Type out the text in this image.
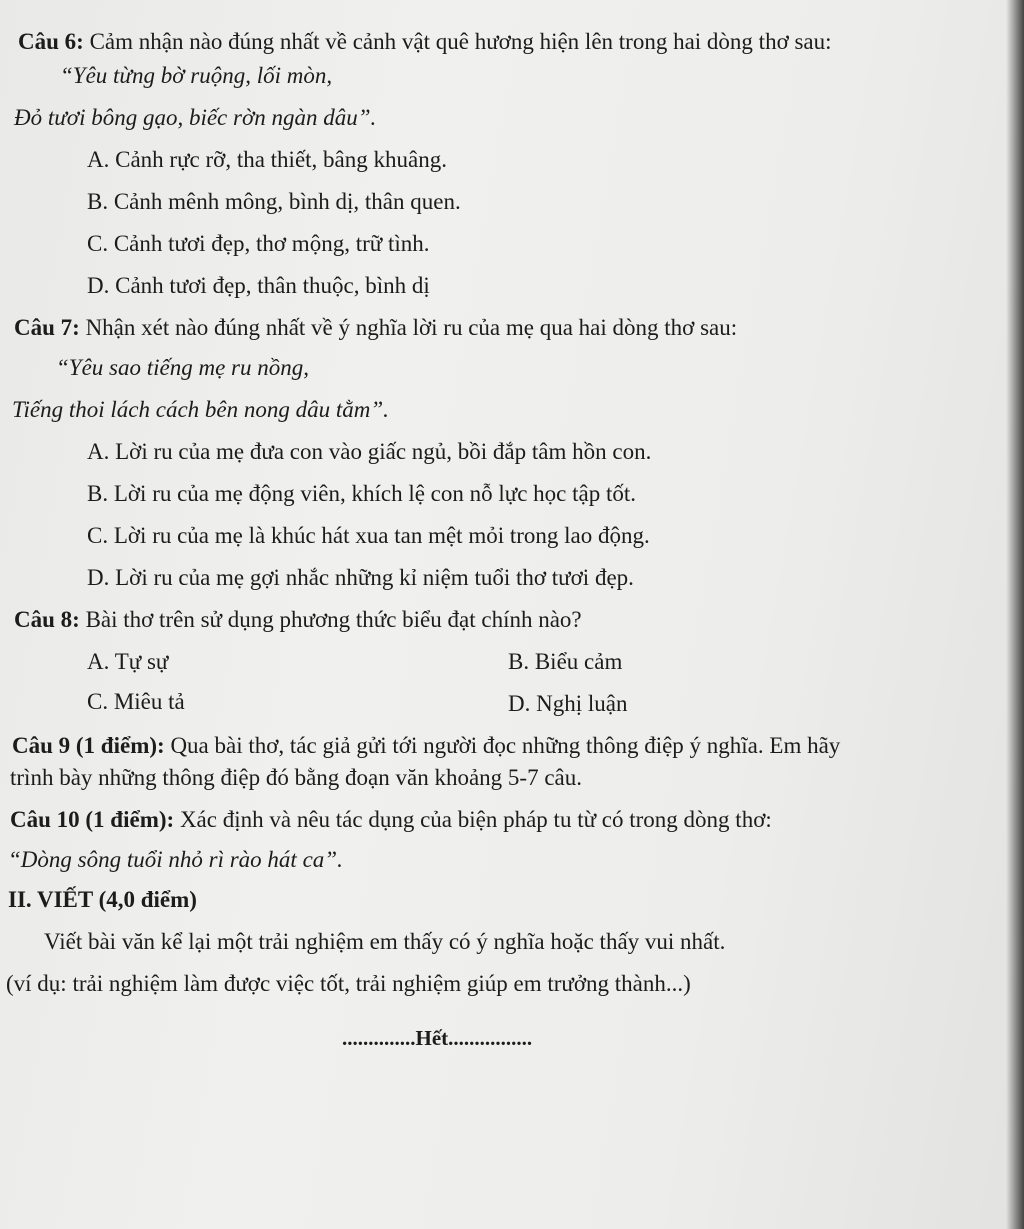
Câu 6: Cảm nhận nào đúng nhất về cảnh vật quê hương hiện lên trong hai dòng thơ sau:
“Yêu từng bờ ruộng, lối mòn,
Đỏ tươi bông gạo, biếc rờn ngàn dâu”.
A. Cảnh rực rỡ, tha thiết, bâng khuâng.
B. Cảnh mênh mông, bình dị, thân quen.
C. Cảnh tươi đẹp, thơ mộng, trữ tình.
D. Cảnh tươi đẹp, thân thuộc, bình dị
Câu 7: Nhận xét nào đúng nhất về ý nghĩa lời ru của mẹ qua hai dòng thơ sau:
“Yêu sao tiếng mẹ ru nồng,
Tiếng thoi lách cách bên nong dâu tằm”.
A. Lời ru của mẹ đưa con vào giấc ngủ, bồi đắp tâm hồn con.
B. Lời ru của mẹ động viên, khích lệ con nỗ lực học tập tốt.
C. Lời ru của mẹ là khúc hát xua tan mệt mỏi trong lao động.
D. Lời ru của mẹ gợi nhắc những kỉ niệm tuổi thơ tươi đẹp.
Câu 8: Bài thơ trên sử dụng phương thức biểu đạt chính nào?
A. Tự sự	B. Biểu cảm
C. Miêu tả	D. Nghị luận
Câu 9 (1 điểm): Qua bài thơ, tác giả gửi tới người đọc những thông điệp ý nghĩa. Em hãy
trình bày những thông điệp đó bằng đoạn văn khoảng 5-7 câu.
Câu 10 (1 điểm): Xác định và nêu tác dụng của biện pháp tu từ có trong dòng thơ:
“Dòng sông tuổi nhỏ rì rào hát ca”.
II. VIẾT (4,0 điểm)
Viết bài văn kể lại một trải nghiệm em thấy có ý nghĩa hoặc thấy vui nhất.
(ví dụ: trải nghiệm làm được việc tốt, trải nghiệm giúp em trưởng thành...)
..............Hết................
